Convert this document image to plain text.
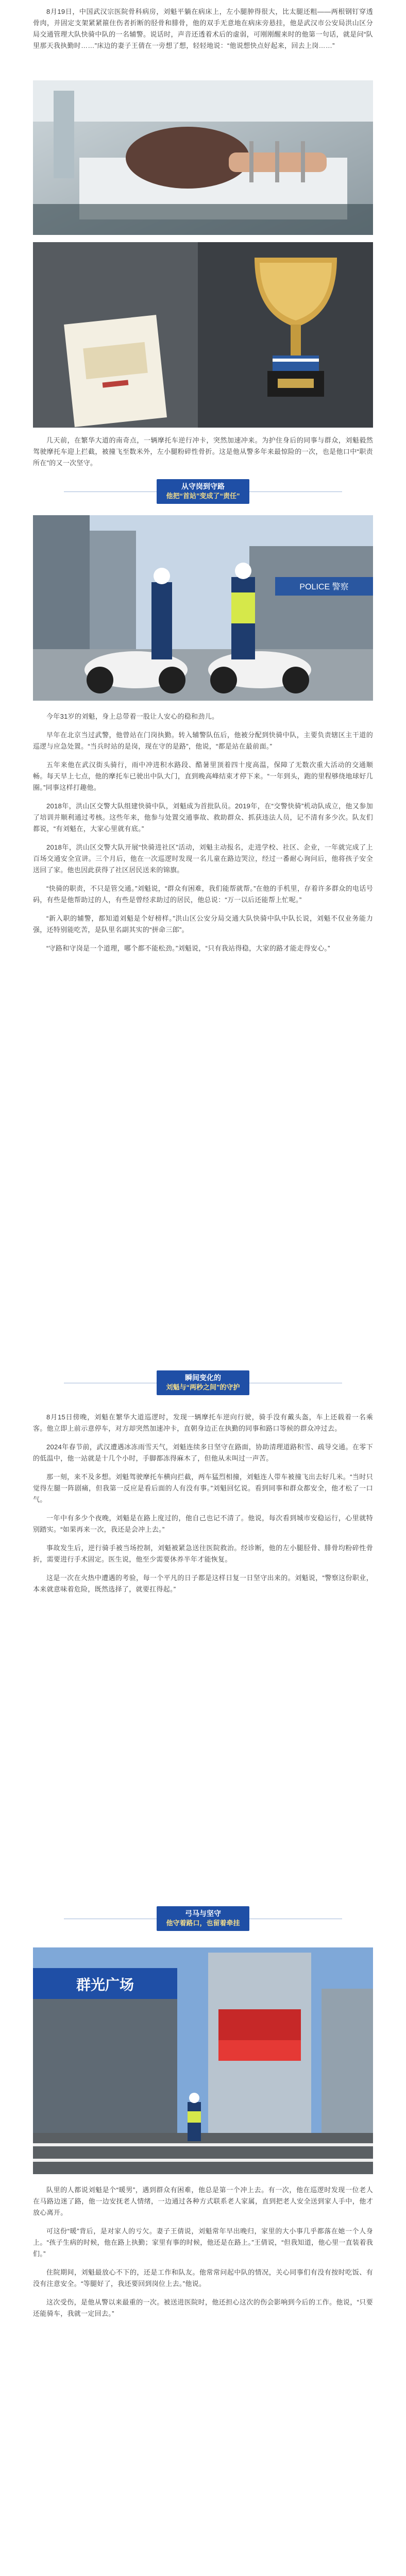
8月19日，中国武汉宗医院骨科病房，刘魁平躺在病床上，左小腿肿得很大，比太腿还粗——两根钢钉穿透骨肉，并固定支架紧紧箍住伤者折断的胫骨和腓骨，他的双手无意地在病床旁悬挂，他是武汉市公安局洪山区分局交通管理大队快骑中队的一名辅警。说话时，声音还透着术后的虚弱，可刚刚醒来时的他第一句话，就是问“队里那天我执勤时……”床边的妻子王倩在一旁想了想，轻轻地说：“他说想快点好起来，回去上岗……”

几天前，在繁华大道的南奇点，一辆摩托车逆行冲卡，突然加速冲来。为护住身后的同事与群众，刘魁毅然驾驶摩托车迎上拦截，被撞飞至数米外，左小腿粉碎性骨折。这是他从警多年来最惊险的一次，也是他口中“职责所在”的又一次坚守。

从守岗到守路
他把“首站”变成了“责任”
POLICE 警察

今年31岁的刘魁，身上总带着一股让人安心的稳和劲儿。

早年在北京当过武警，他曾站在门岗执勤。转入辅警队伍后，他被分配到快骑中队，主要负责辖区主干道的巡逻与应急处置。“当兵时站的是岗，现在守的是路”，他说，“都是站在最前面。”

五年来他在武汉街头骑行，雨中冲进积水路段、酷暑里顶着四十度高温，保障了无数次重大活动的交通顺畅。每天早上七点，他的摩托车已驶出中队大门，直到晚高峰结束才停下来。“一年到头，跑的里程够绕地球好几圈。”同事这样打趣他。

2018年，洪山区交警大队组建快骑中队，刘魁成为首批队员。2019年，在“交警快骑”机动队成立，他又参加了培训并顺利通过考核。这些年来，他参与处置交通事故、救助群众、抓获违法人员，记不清有多少次。队友们都说，“有刘魁在，大家心里就有底。”

2018年，洪山区交警大队开展“快骑进社区”活动，刘魁主动报名，走进学校、社区、企业，一年就完成了上百场交通安全宣讲。三个月后，他在一次巡逻时发现一名儿童在路边哭泣，经过一番耐心询问后，他将孩子安全送回了家。他也因此获得了社区居民送来的锦旗。

“快骑的职责，不只是管交通。”刘魁说，“群众有困难，我们能帮就帮。”在他的手机里，存着许多群众的电话号码，有些是他帮助过的人，有些是曾经求助过的居民，他总说：“万一以后还能帮上忙呢。”

“新入职的辅警，都知道刘魁是个好榜样。”洪山区公安分局交通大队快骑中队中队长说，刘魁不仅业务能力强，还特别能吃苦，是队里名副其实的“拼命三郎”。

“守路和守岗是一个道理，哪个都不能松劲。”刘魁说，“只有我站得稳，大家的路才能走得安心。”

瞬间变化的
刘魁与“两秒之间”的守护

8月15日傍晚，刘魁在繁华大道巡逻时，发现一辆摩托车逆向行驶，骑手没有戴头盔，车上还载着一名乘客。他立即上前示意停车，对方却突然加速冲卡，直朝身边正在执勤的同事和路口等候的群众冲过去。

2024年春节前，武汉遭遇冰冻雨雪天气，刘魁连续多日坚守在路面，协助清理道路积雪、疏导交通。在零下的低温中，他一站就是十几个小时，手脚都冻得麻木了，但他从未叫过一声苦。

那一刻，来不及多想。刘魁驾驶摩托车横向拦截，两车猛烈相撞，刘魁连人带车被撞飞出去好几米。“当时只觉得左腿一阵剧痛，但我第一反应是看后面的人有没有事。”刘魁回忆说。看到同事和群众都安全，他才松了一口气。

一年中有多少个夜晚，刘魁是在路上度过的，他自己也记不清了。他说，每次看到城市安稳运行，心里就特别踏实。“如果再来一次，我还是会冲上去。”

事故发生后，逆行骑手被当场控制，刘魁被紧急送往医院救治。经诊断，他的左小腿胫骨、腓骨均粉碎性骨折，需要进行手术固定。医生说，他至少需要休养半年才能恢复。

这是一次在火热中遭遇的考验，每一个平凡的日子都是这样日复一日坚守出来的。刘魁说，“警察这份职业，本来就意味着危险，既然选择了，就要扛得起。”

弓马与坚守
他守着路口，也留着牵挂
群光广场

队里的人都说刘魁是个“暖男”，遇到群众有困难，他总是第一个冲上去。有一次，他在巡逻时发现一位老人在马路边迷了路，他一边安抚老人情绪，一边通过各种方式联系老人家属，直到把老人安全送到家人手中，他才放心离开。

可这份“暖”背后，是对家人的亏欠。妻子王倩说，刘魁常年早出晚归，家里的大小事几乎都落在她一个人身上。“孩子生病的时候，他在路上执勤；家里有事的时候，他还是在路上。”王倩说，“但我知道，他心里一直装着我们。”

住院期间，刘魁最放心不下的，还是工作和队友。他常常问起中队的情况，关心同事们有没有按时吃饭、有没有注意安全。“等腿好了，我还要回到岗位上去。”他说。

这次受伤，是他从警以来最重的一次。被送进医院时，他还担心这次的伤会影响到今后的工作。他说，“只要还能骑车，我就一定回去。”
